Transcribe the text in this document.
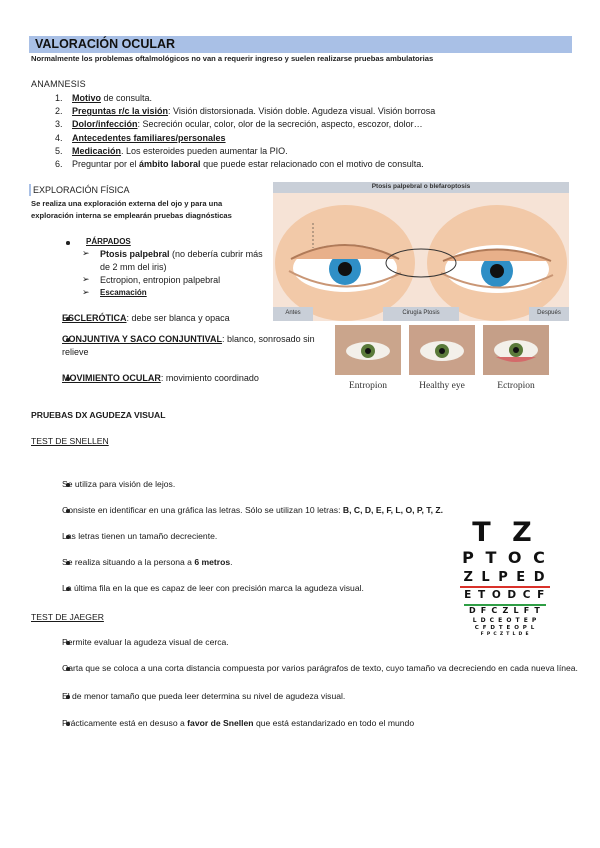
VALORACIÓN OCULAR
Normalmente los problemas oftalmológicos no van a requerir ingreso y suelen realizarse pruebas ambulatorias
ANAMNESIS
1.	Motivo de consulta.
2.	Preguntas r/c la visión: Visión distorsionada. Visión doble. Agudeza visual. Visión borrosa
3.	Dolor/infección: Secreción ocular, color, olor de la secreción, aspecto, escozor, dolor…
4.	Antecedentes familiares/personales
5.	Medicación. Los esteroides pueden aumentar la PIO.
6.	Preguntar por el ámbito laboral que puede estar relacionado con el motivo de consulta.
EXPLORACIÓN FÍSICA
Se realiza una exploración externa del ojo y para una exploración interna se emplearán pruebas diagnósticas
PÁRPADOS
➢ Ptosis palpebral (no debería cubrir más de 2 mm del iris)
➢ Ectropion, entropion palpebral
➢ Escamación
ESCLERÓTICA: debe ser blanca y opaca
CONJUNTIVA Y SACO CONJUNTIVAL: blanco, sonrosado sin relieve
MOVIMIENTO OCULAR: movimiento coordinado
Ptosis palpebral o blefaroptosis
Antes	Cirugía Ptosis	Después
Entropion	Healthy eye	Ectropion
PRUEBAS DX AGUDEZA VISUAL
TEST DE SNELLEN
Se utiliza para visión de lejos.
Consiste en identificar en una gráfica las letras. Sólo se utilizan 10 letras: B, C, D, E, F, L, O, P, T, Z.
Las letras tienen un tamaño decreciente.
Se realiza situando a la persona a 6 metros.
La última fila en la que es capaz de leer con precisión marca la agudeza visual.
TEST DE JAEGER
Permite evaluar la agudeza visual de cerca.
Carta que se coloca a una corta distancia compuesta por varios parágrafos de texto, cuyo tamaño va decreciendo en cada nueva línea.
El de menor tamaño que pueda leer determina su nivel de agudeza visual.
Prácticamente está en desuso a favor de Snellen que está estandarizado en todo el mundo
T Z
P T O C
Z L P E D
E T O D C F
D F C Z L F T
L D C E O T E P
C F D T E O P L
F P C Z T L D E
